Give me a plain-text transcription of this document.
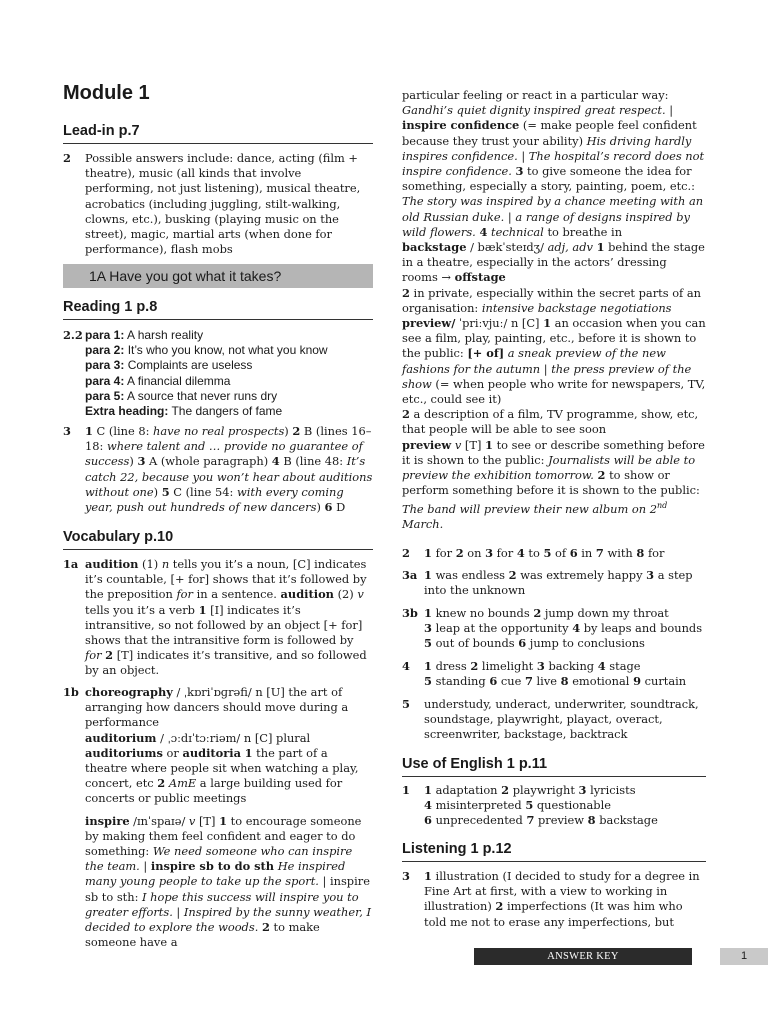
Module 1
Lead-in p.7
2 Possible answers include: dance, acting (film + theatre), music (all kinds that involve performing, not just listening), musical theatre, acrobatics (including juggling, stilt-walking, clowns, etc.), busking (playing music on the street), magic, martial arts (when done for performance), flash mobs

1A Have you got what it takes?
Reading 1 p.8
2.2 para 1: A harsh reality

para 2: It’s who you know, not what you know

para 3: Complaints are useless

para 4: A financial dilemma

para 5: A source that never runs dry

Extra heading: The dangers of fame

3 1 C (line 8: have no real prospects) 2 B (lines 16–18: where talent and … provide no guarantee of success) 3 A (whole paragraph) 4 B (line 48: It’s catch 22, because you won’t hear about auditions without one) 5 C (line 54: with every coming year, push out hundreds of new dancers) 6 D

Vocabulary p.10
1a audition (1) n tells you it’s a noun, [C] indicates it’s countable, [+ for] shows that it’s followed by the preposition for in a sentence. audition (2) v tells you it’s a verb 1 [I] indicates it’s intransitive, so not followed by an object [+ for] shows that the intransitive form is followed by for 2 [T] indicates it’s transitive, and so followed by an object.

1b choreography / ˌkɒriˈɒɡrəfi/ n [U] the art of arranging how dancers should move during a performance

auditorium / ˌɔːdɪˈtɔːriəm/ n [C] plural auditoriums or auditoria 1 the part of a theatre where people sit when watching a play, concert, etc 2 AmE a large building used for concerts or public meetings

inspire /ɪnˈspaɪə/ v [T] 1 to encourage someone by making them feel confident and eager to do something: We need someone who can inspire the team. | inspire sb to do sth He inspired many young people to take up the sport. | inspire sb to sth: I hope this success will inspire you to greater efforts. | Inspired by the sunny weather, I decided to explore the woods. 2 to make someone have a

particular feeling or react in a particular way: Gandhi’s quiet dignity inspired great respect. | inspire confidence (= make people feel confident because they trust your ability) His driving hardly inspires confidence. | The hospital’s record does not inspire confidence. 3 to give someone the idea for something, especially a story, painting, poem, etc.: The story was inspired by a chance meeting with an old Russian duke. | a range of designs inspired by wild flowers. 4 technical to breathe in

backstage / bækˈsteɪdʒ/ adj, adv 1 behind the stage in a theatre, especially in the actors’ dressing rooms → offstage

2 in private, especially within the secret parts of an organisation: intensive backstage negotiations

preview/ ˈpriːvjuː/ n [C] 1 an occasion when you can see a film, play, painting, etc., before it is shown to the public: [+ of] a sneak preview of the new fashions for the autumn | the press preview of the show (= when people who write for newspapers, TV, etc., could see it)

2 a description of a film, TV programme, show, etc, that people will be able to see soon

preview v [T] 1 to see or describe something before it is shown to the public: Journalists will be able to preview the exhibition tomorrow. 2 to show or perform something before it is shown to the public: The band will preview their new album on 2nd March.

2 1 for 2 on 3 for 4 to 5 of 6 in 7 with 8 for

3a 1 was endless 2 was extremely happy 3 a step into the unknown

3b 1 knew no bounds 2 jump down my throat

3 leap at the opportunity 4 by leaps and bounds

5 out of bounds 6 jump to conclusions

4 1 dress 2 limelight 3 backing 4 stage

5 standing 6 cue 7 live 8 emotional 9 curtain

5 understudy, underact, underwriter, soundtrack, soundstage, playwright, playact, overact, screenwriter, backstage, backtrack

Use of English 1 p.11
1 1 adaptation 2 playwright 3 lyricists

4 misinterpreted 5 questionable

6 unprecedented 7 preview 8 backstage

Listening 1 p.12
3 1 illustration (I decided to study for a degree in Fine Art at first, with a view to working in illustration) 2 imperfections (It was him who told me not to erase any imperfections, but

ANSWER KEY	1
